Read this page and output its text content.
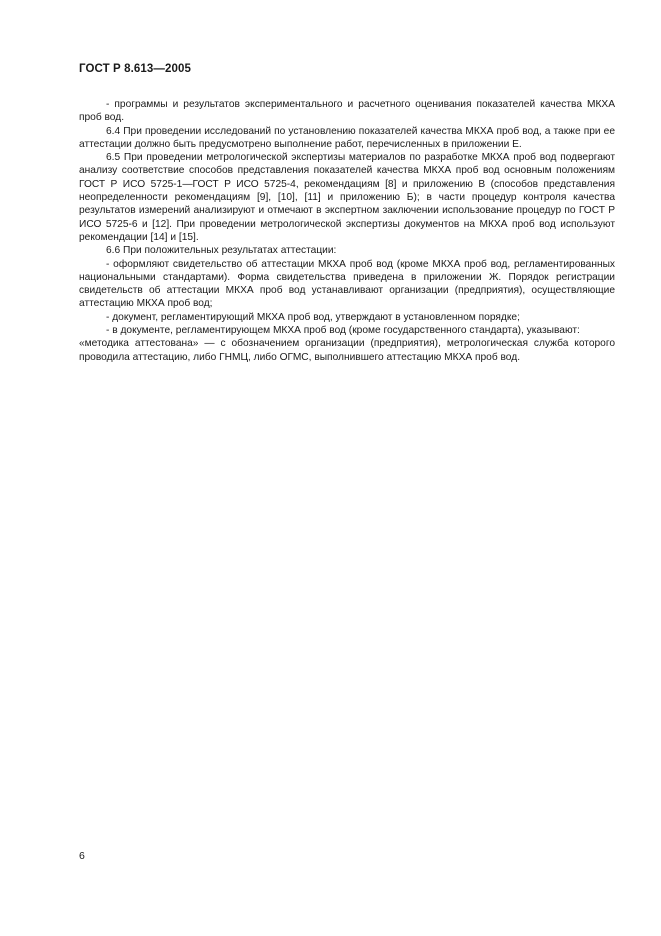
ГОСТ Р 8.613—2005

- программы и результатов экспериментального и расчетного оценивания показателей качества МКХА проб вод.

6.4 При проведении исследований по установлению показателей качества МКХА проб вод, а также при ее аттестации должно быть предусмотрено выполнение работ, перечисленных в приложении Е.

6.5 При проведении метрологической экспертизы материалов по разработке МКХА проб вод подвергают анализу соответствие способов представления показателей качества МКХА проб вод основным положениям ГОСТ Р ИСО 5725-1—ГОСТ Р ИСО 5725-4, рекомендациям [8] и приложению В (способов представления неопределенности рекомендациям [9], [10], [11] и приложению Б); в части процедур контроля качества результатов измерений анализируют и отмечают в экспертном заключении использование процедур по ГОСТ Р ИСО 5725-6 и [12]. При проведении метрологической экспертизы документов на МКХА проб вод используют рекомендации [14] и [15].

6.6 При положительных результатах аттестации:

- оформляют свидетельство об аттестации МКХА проб вод (кроме МКХА проб вод, регламентированных национальными стандартами). Форма свидетельства приведена в приложении Ж. Порядок регистрации свидетельств об аттестации МКХА проб вод устанавливают организации (предприятия), осуществляющие аттестацию МКХА проб вод;

- документ, регламентирующий МКХА проб вод, утверждают в установленном порядке;

- в документе, регламентирующем МКХА проб вод (кроме государственного стандарта), указывают:

«методика аттестована» — с обозначением организации (предприятия), метрологическая служба которого проводила аттестацию, либо ГНМЦ, либо ОГМС, выполнившего аттестацию МКХА проб вод.

6
